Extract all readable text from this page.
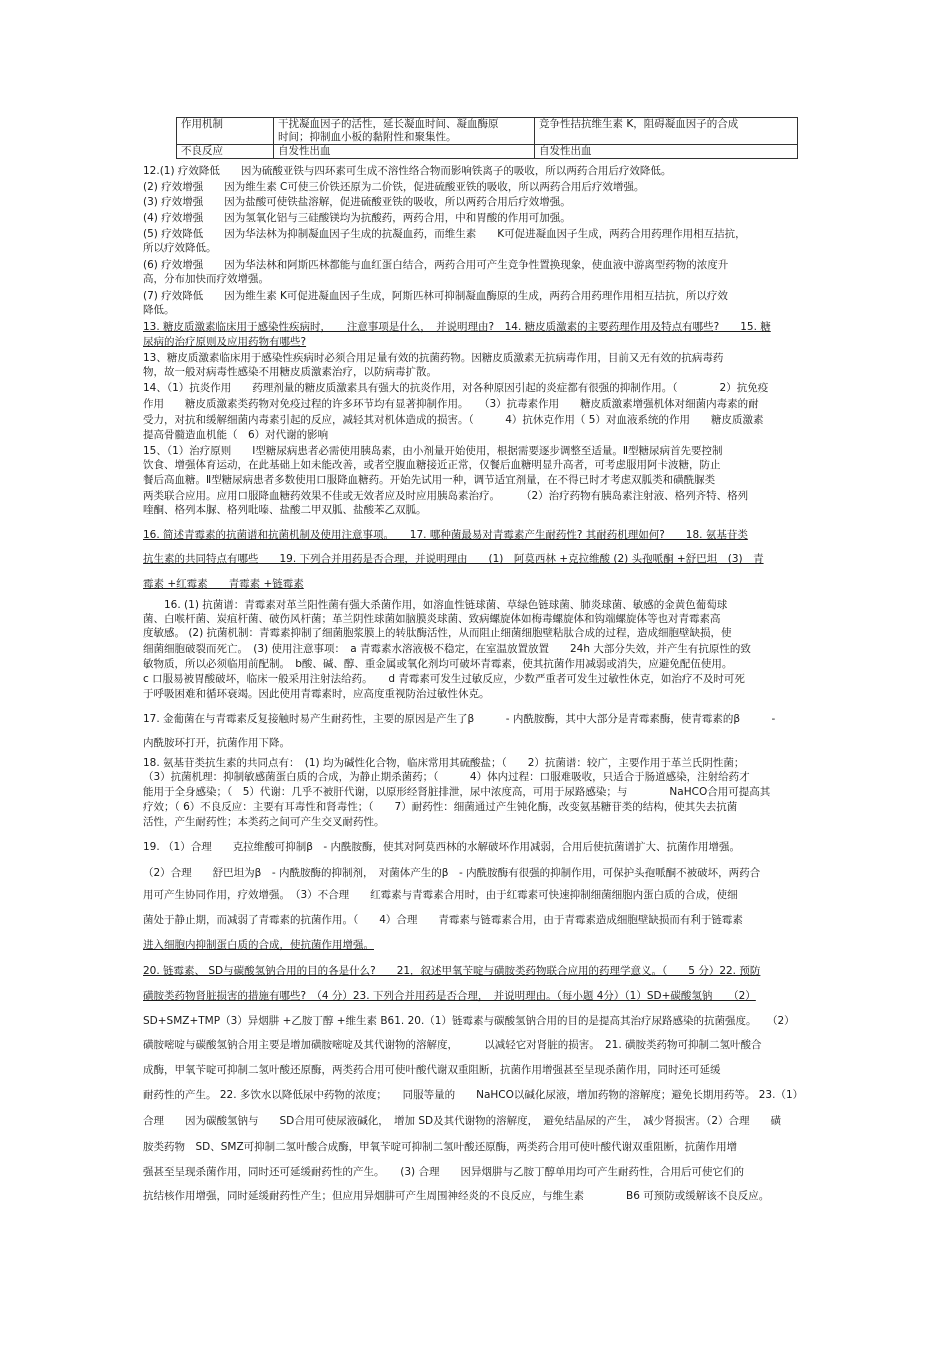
作用机制	干扰凝血因子的活性，延长凝血时间、凝血酶原
时间；抑制血小板的黏附性和聚集性。	竞争性拮抗维生素 K，阻碍凝血因子的合成
不良反应	自发性出血	自发性出血
12.(1) 疗效降低　　因为硫酸亚铁与四环素可生成不溶性络合物而影响铁离子的吸收，所以两药合用后疗效降低。
(2) 疗效增强　　因为维生素 C可使三价铁还原为二价铁，促进硫酸亚铁的吸收，所以两药合用后疗效增强。
(3) 疗效增强　　因为盐酸可使铁盐溶解，促进硫酸亚铁的吸收，所以两药合用后疗效增强。
(4) 疗效增强　　因为氢氧化铝与三硅酸镁均为抗酸药，两药合用，中和胃酸的作用可加强。
(5) 疗效降低　　因为华法林为抑制凝血因子生成的抗凝血药，而维生素　　K可促进凝血因子生成，两药合用药理作用相互拮抗，
所以疗效降低。
(6) 疗效增强　　因为华法林和阿斯匹林都能与血红蛋白结合，两药合用可产生竞争性置换现象，使血液中游离型药物的浓度升
高，分布加快而疗效增强。
(7) 疗效降低　　因为维生素 K可促进凝血因子生成，阿斯匹林可抑制凝血酶原的生成，两药合用药理作用相互拮抗，所以疗效
降低。
13. 糖皮质激素临床用于感染性疾病时，　　注意事项是什么，　并说明理由?　14. 糖皮质激素的主要药理作用及特点有哪些?　　15. 糖
尿病的治疗原则及应用药物有哪些?
13、糖皮质激素临床用于感染性疾病时必须合用足量有效的抗菌药物。因糖皮质激素无抗病毒作用，目前又无有效的抗病毒药
物，故一般对病毒性感染不用糖皮质激素治疗，以防病毒扩散。
14、（1）抗炎作用　　药理剂量的糖皮质激素具有强大的抗炎作用，对各种原因引起的炎症都有很强的抑制作用。（　　　　2）抗免疫
作用　　糖皮质激素类药物对免疫过程的许多环节均有显著抑制作用。　　（3）抗毒素作用　　糖皮质激素增强机体对细菌内毒素的耐
受力，对抗和缓解细菌内毒素引起的反应，减轻其对机体造成的损害。（　　　4）抗休克作用（ 5）对血液系统的作用　　糖皮质激素
提高骨髓造血机能（　6）对代谢的影响
15、（1）治疗原则　　Ⅰ型糖尿病患者必需使用胰岛素，由小剂量开始使用，根据需要逐步调整至适量。Ⅱ型糖尿病首先要控制
饮食、增强体育运动，在此基础上如未能改善，或者空腹血糖接近正常，仅餐后血糖明显升高者，可考虑服用阿卡波糖，防止
餐后高血糖。Ⅱ型糖尿病患者多数使用口服降血糖药。开始先试用一种，调节适宜剂量，在不得已时才考虑双胍类和磺酰脲类
两类联合应用。应用口服降血糖药效果不佳或无效者应及时应用胰岛素治疗。　　　（2）治疗药物有胰岛素注射液、格列齐特、格列
喹酮、格列本脲、格列吡嗪、盐酸二甲双胍、盐酸苯乙双胍。
16. 简述青霉素的抗菌谱和抗菌机制及使用注意事项。　　17. 哪种菌最易对青霉素产生耐药性? 其耐药机理如何?　　18. 氨基苷类
抗生素的共同特点有哪些　　19. 下列合并用药是否合理，并说明理由　　(1)　阿莫西林 +克拉维酸 (2) 头孢哌酮 +舒巴坦　(3)　青
霉素 +红霉素　　青霉素 +链霉素
　　16. (1) 抗菌谱：青霉素对革兰阳性菌有强大杀菌作用，如溶血性链球菌、草绿色链球菌、肺炎球菌、敏感的金黄色葡萄球
菌、白喉杆菌、炭疽杆菌、破伤风杆菌；革兰阴性球菌如脑膜炎球菌、致病螺旋体如梅毒螺旋体和钩端螺旋体等也对青霉素高
度敏感。 (2) 抗菌机制：青霉素抑制了细菌胞浆膜上的转肽酶活性，从而阻止细菌细胞壁粘肽合成的过程，造成细胞壁缺损，使
细菌细胞破裂而死亡。　(3) 使用注意事项：　a 青霉素水溶液极不稳定，在室温放置放置　　24h 大部分失效，并产生有抗原性的致
敏物质，所以必须临用前配制。　b酸、碱、醇、重金属或氧化剂均可破坏青霉素，使其抗菌作用减弱或消失，应避免配伍使用。
c 口服易被胃酸破坏，临床一般采用注射法给药。　　d 青霉素可发生过敏反应，少数严重者可发生过敏性休克，如治疗不及时可死
于呼吸困难和循环衰竭。因此使用青霉素时，应高度重视防治过敏性休克。
17. 金葡菌在与青霉素反复接触时易产生耐药性，主要的原因是产生了β　　　- 内酰胺酶，其中大部分是青霉素酶，使青霉素的β　　　-
内酰胺环打开，抗菌作用下降。
18. 氨基苷类抗生素的共同点有：　(1) 均为碱性化合物，临床常用其硫酸盐；（　　2）抗菌谱：较广，主要作用于革兰氏阴性菌；
（3）抗菌机理：抑制敏感菌蛋白质的合成，为静止期杀菌药；（　　　4）体内过程：口服难吸收，只适合于肠道感染，注射给药才
能用于全身感染；（　5）代谢：几乎不被肝代谢，以原形经肾脏排泄，尿中浓度高，可用于尿路感染；与　　　　NaHCO合用可提高其
疗效；（ 6）不良反应：主要有耳毒性和肾毒性；（　　7）耐药性：细菌通过产生钝化酶，改变氨基糖苷类的结构，使其失去抗菌
活性，产生耐药性；本类药之间可产生交叉耐药性。
19. （1）合理　　克拉维酸可抑制β　- 内酰胺酶，使其对阿莫西林的水解破坏作用减弱，合用后使抗菌谱扩大、抗菌作用增强。
（2）合理　　舒巴坦为β　- 内酰胺酶的抑制剂，　对菌体产生的β　- 内酰胺酶有很强的抑制作用，可保护头孢哌酮不被破坏，两药合
用可产生协同作用，疗效增强。　（3）不合理　　红霉素与青霉素合用时，由于红霉素可快速抑制细菌细胞内蛋白质的合成，使细
菌处于静止期，而减弱了青霉素的抗菌作用。（　　4）合理　　青霉素与链霉素合用，由于青霉素造成细胞壁缺损而有利于链霉素
进入细胞内抑制蛋白质的合成，使抗菌作用增强。
20. 链霉素、 SD与碳酸氢钠合用的目的各是什么?　　21．叙述甲氧苄啶与磺胺类药物联合应用的药理学意义。（　　5 分）22. 预防
磺胺类药物肾脏损害的措施有哪些?　（4 分）23. 下列合并用药是否合理，　并说明理由。（每小题 4分）（1）SD+碳酸氢钠　　（2）
SD+SMZ+TMP（3）异烟肼 +乙胺丁醇 +维生素 B61. 20.（1）链霉素与碳酸氢钠合用的目的是提高其治疗尿路感染的抗菌强度。　　（2）
磺胺嘧啶与碳酸氢钠合用主要是增加磺胺嘧啶及其代谢物的溶解度，　　　以减轻它对肾脏的损害。　21. 磺胺类药物可抑制二氢叶酸合
成酶，甲氧苄啶可抑制二氢叶酸还原酶，两类药合用可使叶酸代谢双重阻断，抗菌作用增强甚至呈现杀菌作用，同时还可延缓
耐药性的产生。 22. 多饮水以降低尿中药物的浓度；　　同服等量的　　NaHCO以碱化尿液，增加药物的溶解度；避免长期用药等。 23.（1）
合理　　因为碳酸氢钠与　　SD合用可使尿液碱化，　增加 SD及其代谢物的溶解度，　避免结晶尿的产生，　减少肾损害。（2）合理　　磺
胺类药物　SD、SMZ可抑制二氢叶酸合成酶，甲氧苄啶可抑制二氢叶酸还原酶，两类药合用可使叶酸代谢双重阻断，抗菌作用增
强甚至呈现杀菌作用，同时还可延缓耐药性的产生。　　(3) 合理　　因异烟肼与乙胺丁醇单用均可产生耐药性，合用后可使它们的
抗结核作用增强，同时延缓耐药性产生；但应用异烟肼可产生周围神经炎的不良反应，与维生素　　　　B6 可预防或缓解该不良反应。
